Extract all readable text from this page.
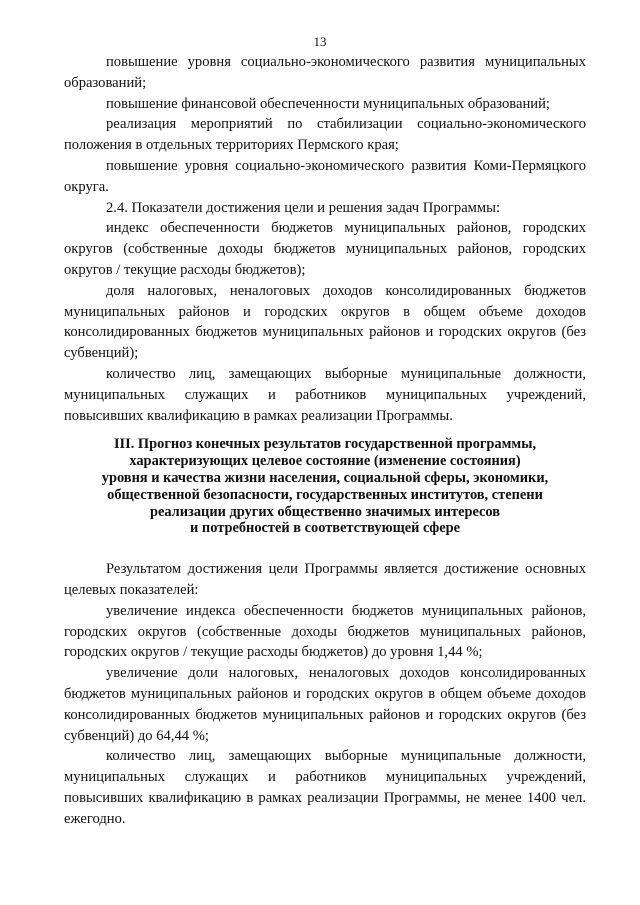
13

повышение уровня социально-экономического развития муниципальных образований;

повышение финансовой обеспеченности муниципальных образований;

реализация мероприятий по стабилизации социально-экономического положения в отдельных территориях Пермского края;

повышение уровня социально-экономического развития Коми-Пермяцкого округа.

2.4. Показатели достижения цели и решения задач Программы:

индекс обеспеченности бюджетов муниципальных районов, городских округов (собственные доходы бюджетов муниципальных районов, городских округов / текущие расходы бюджетов);

доля налоговых, неналоговых доходов консолидированных бюджетов муниципальных районов и городских округов в общем объеме доходов консолидированных бюджетов муниципальных районов и городских округов (без субвенций);

количество лиц, замещающих выборные муниципальные должности, муниципальных служащих и работников муниципальных учреждений, повысивших квалификацию в рамках реализации Программы.

III. Прогноз конечных результатов государственной программы,
характеризующих целевое состояние (изменение состояния)
уровня и качества жизни населения, социальной сферы, экономики,
общественной безопасности, государственных институтов, степени
реализации других общественно значимых интересов
и потребностей в соответствующей сфере

Результатом достижения цели Программы является достижение основных целевых показателей:

увеличение индекса обеспеченности бюджетов муниципальных районов, городских округов (собственные доходы бюджетов муниципальных районов, городских округов / текущие расходы бюджетов) до уровня 1,44 %;

увеличение доли налоговых, неналоговых доходов консолидированных бюджетов муниципальных районов и городских округов в общем объеме доходов консолидированных бюджетов муниципальных районов и городских округов (без субвенций) до 64,44 %;

количество лиц, замещающих выборные муниципальные должности, муниципальных служащих и работников муниципальных учреждений, повысивших квалификацию в рамках реализации Программы, не менее 1400 чел. ежегодно.
